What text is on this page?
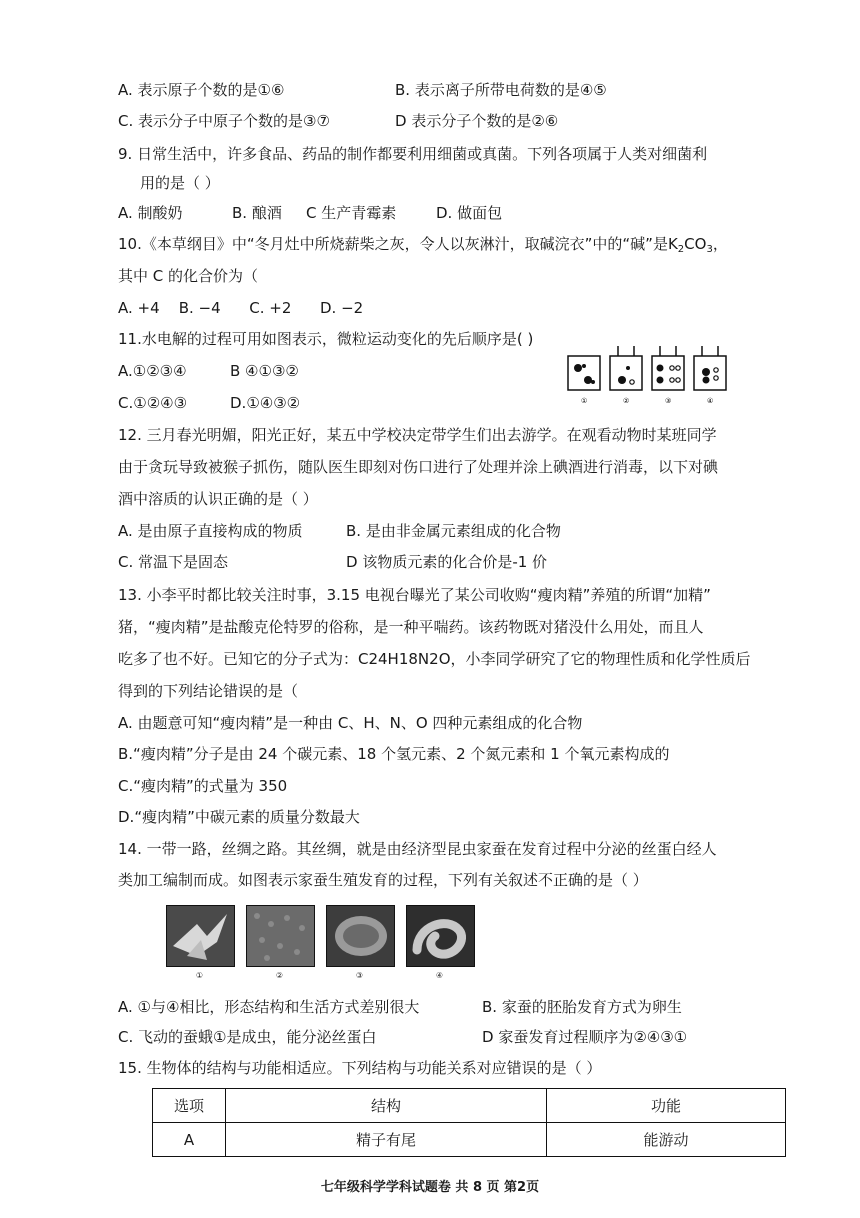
A. 表示原子个数的是①⑥	B. 表示离子所带电荷数的是④⑤
C. 表示分子中原子个数的是③⑦	D 表示分子个数的是②⑥
9. 日常生活中，许多食品、药品的制作都要利用细菌或真菌。下列各项属于人类对细菌利
用的是（ ）
A. 制酸奶	B. 酿酒 C 生产青霉素	D. 做面包
10.《本草纲目》中“冬月灶中所烧薪柴之灰，令人以灰淋汁，取碱浣衣”中的“碱”是$K_2CO_3$，
其中 C 的化合价为（
A. +4    B. −4      C. +2      D. −2
11.水电解的过程可用如图表示，微粒运动变化的先后顺序是( )
A.①②③④	B ④①③②
C.①②④③	D.①④③②	①	②	③	④
12. 三月春光明媚，阳光正好，某五中学校决定带学生们出去游学。在观看动物时某班同学
由于贪玩导致被猴子抓伤，随队医生即刻对伤口进行了处理并涂上碘酒进行消毒，以下对碘
酒中溶质的认识正确的是（ ）
A. 是由原子直接构成的物质	B. 是由非金属元素组成的化合物
C. 常温下是固态	D 该物质元素的化合价是-1 价
13. 小李平时都比较关注时事，3.15 电视台曝光了某公司收购“瘦肉精”养殖的所谓“加精”
猪，“瘦肉精”是盐酸克伦特罗的俗称，是一种平喘药。该药物既对猪没什么用处，而且人
吃多了也不好。已知它的分子式为：C24H18N2O，小李同学研究了它的物理性质和化学性质后
得到的下列结论错误的是（
A. 由题意可知“瘦肉精”是一种由 C、H、N、O 四种元素组成的化合物
B.“瘦肉精”分子是由 24 个碳元素、18 个氢元素、2 个氮元素和 1 个氧元素构成的
C.“瘦肉精”的式量为 350
D.“瘦肉精”中碳元素的质量分数最大
14. 一带一路，丝绸之路。其丝绸，就是由经济型昆虫家蚕在发育过程中分泌的丝蛋白经人
类加工编制而成。如图表示家蚕生殖发育的过程，下列有关叙述不正确的是（ ）
①	②	③	④
A. ①与④相比，形态结构和生活方式差别很大	B. 家蚕的胚胎发育方式为卵生
C. 飞动的蚕蛾①是成虫，能分泌丝蛋白	D 家蚕发育过程顺序为②④③①
15. 生物体的结构与功能相适应。下列结构与功能关系对应错误的是（ ）
选项	结构	功能
A	精子有尾	能游动
七年级科学学科试题卷 共 8 页 第2页
